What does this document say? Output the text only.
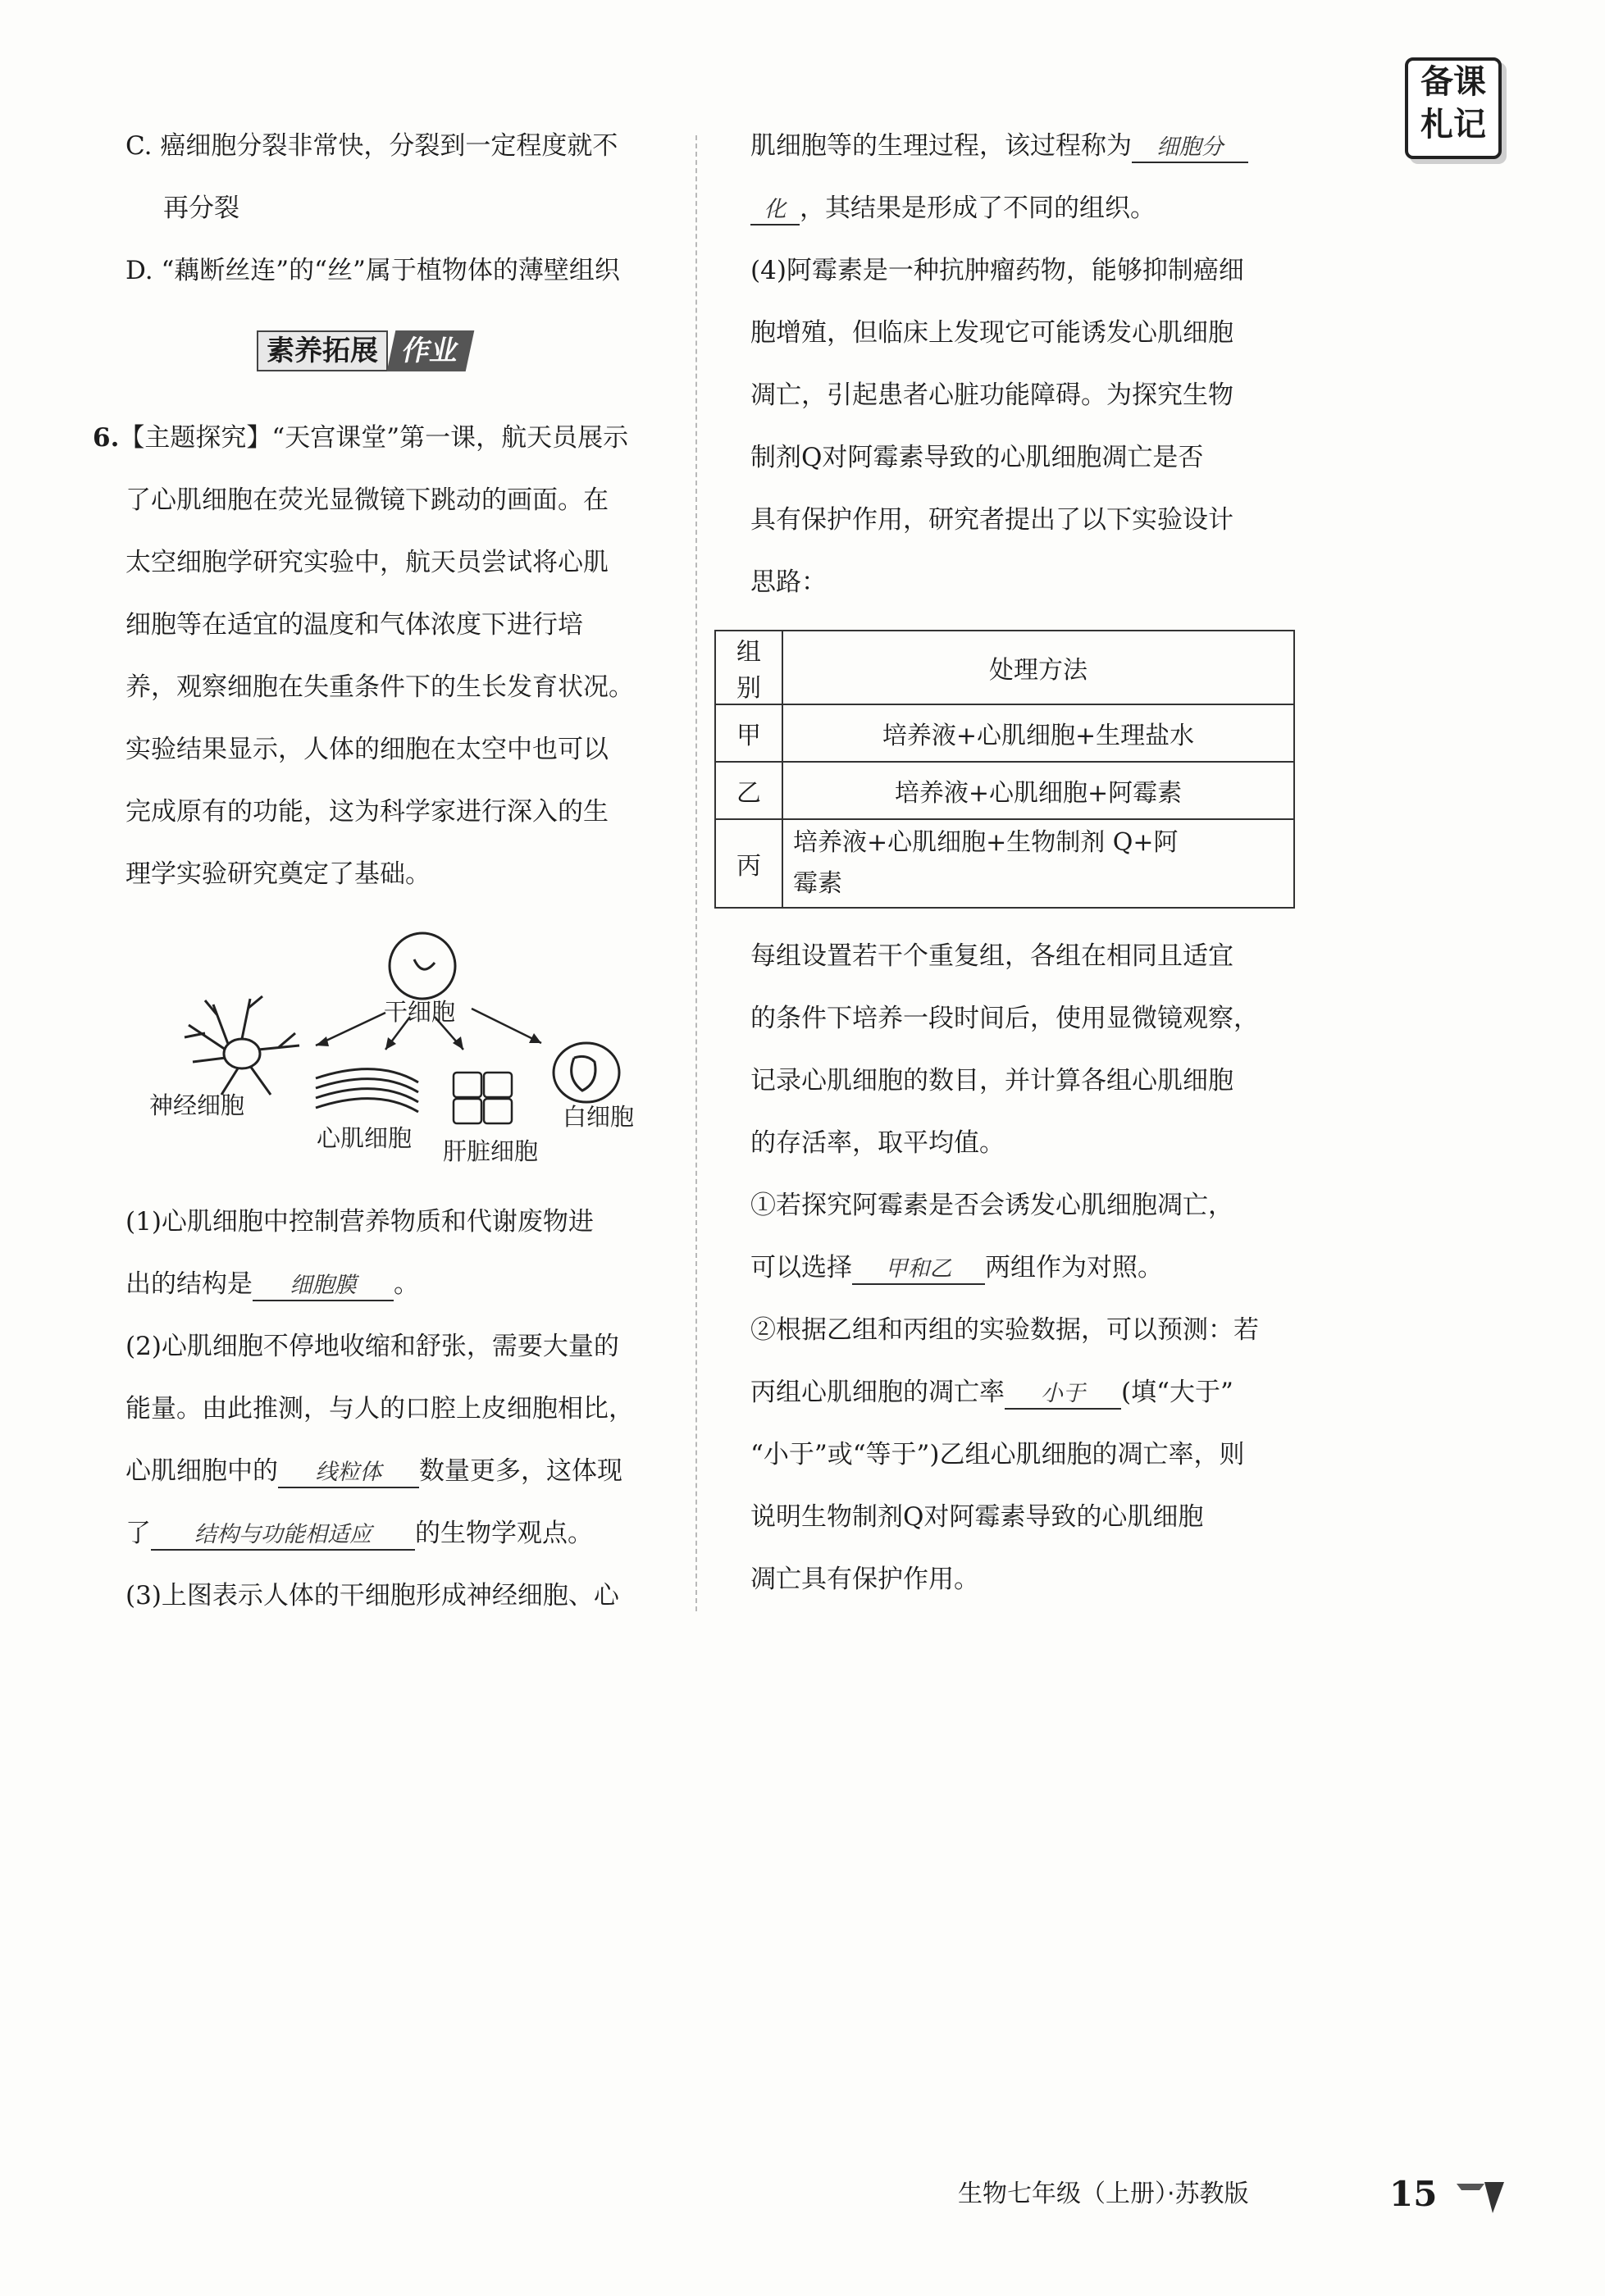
备课
札记
C. 癌细胞分裂非常快，分裂到一定程度就不
再分裂
D. “藕断丝连”的“丝”属于植物体的薄壁组织
素养拓展 作业
6.【主题探究】“天宫课堂”第一课，航天员展示
了心肌细胞在荧光显微镜下跳动的画面。在
太空细胞学研究实验中，航天员尝试将心肌
细胞等在适宜的温度和气体浓度下进行培
养，观察细胞在失重条件下的生长发育状况。
实验结果显示，人体的细胞在太空中也可以
完成原有的功能，这为科学家进行深入的生
理学实验研究奠定了基础。
干细胞
神经细胞
心肌细胞 肝脏细胞
白细胞
(1)心肌细胞中控制营养物质和代谢废物进
出的结构是 细胞膜 。
(2)心肌细胞不停地收缩和舒张，需要大量的
能量。由此推测，与人的口腔上皮细胞相比，
心肌细胞中的 线粒体 数量更多，这体现
了 结构与功能相适应 的生物学观点。
(3)上图表示人体的干细胞形成神经细胞、心
肌细胞等的生理过程，该过程称为 细胞分
化 ，其结果是形成了不同的组织。
(4)阿霉素是一种抗肿瘤药物，能够抑制癌细
胞增殖，但临床上发现它可能诱发心肌细胞
凋亡，引起患者心脏功能障碍。为探究生物
制剂Q对阿霉素导致的心肌细胞凋亡是否
具有保护作用，研究者提出了以下实验设计
思路：
组别	处理方法
甲	培养液+心肌细胞+生理盐水
乙	培养液+心肌细胞+阿霉素
丙	培养液+心肌细胞+生物制剂 Q+阿
霉素
每组设置若干个重复组，各组在相同且适宜
的条件下培养一段时间后，使用显微镜观察，
记录心肌细胞的数目，并计算各组心肌细胞
的存活率，取平均值。
①若探究阿霉素是否会诱发心肌细胞凋亡，
可以选择 甲和乙 两组作为对照。
②根据乙组和丙组的实验数据，可以预测：若
丙组心肌细胞的凋亡率 小于 (填“大于”
“小于”或“等于”)乙组心肌细胞的凋亡率，则
说明生物制剂Q对阿霉素导致的心肌细胞
凋亡具有保护作用。
生物七年级（上册）·苏教版	15
